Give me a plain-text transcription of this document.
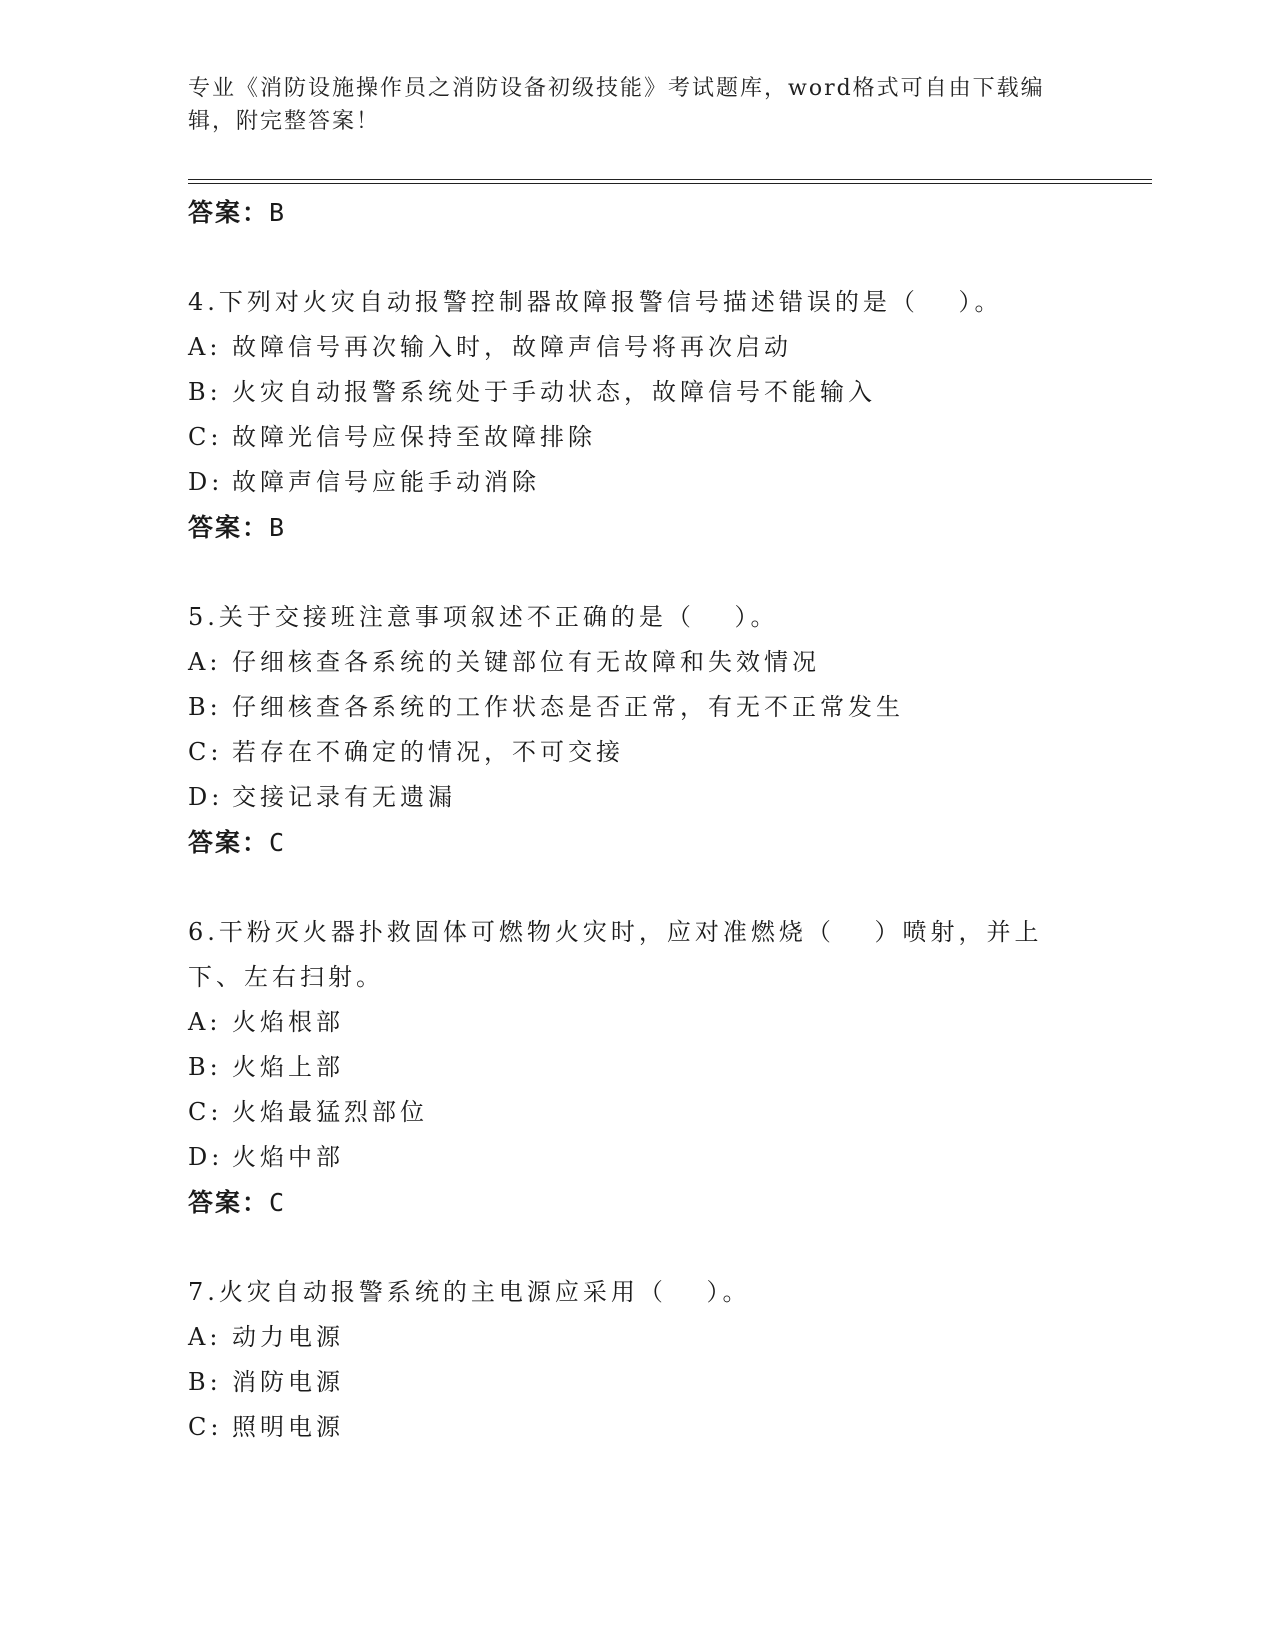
专业《消防设施操作员之消防设备初级技能》考试题库，word格式可自由下载编辑，附完整答案！
答案：B
4.下列对火灾自动报警控制器故障报警信号描述错误的是（　 ）。
A: 故障信号再次输入时，故障声信号将再次启动
B: 火灾自动报警系统处于手动状态，故障信号不能输入
C: 故障光信号应保持至故障排除
D: 故障声信号应能手动消除
答案：B
5.关于交接班注意事项叙述不正确的是（　 ）。
A: 仔细核查各系统的关键部位有无故障和失效情况
B: 仔细核查各系统的工作状态是否正常，有无不正常发生
C: 若存在不确定的情况，不可交接
D: 交接记录有无遗漏
答案：C
6.干粉灭火器扑救固体可燃物火灾时，应对准燃烧（　 ）喷射，并上
下、左右扫射。
A: 火焰根部
B: 火焰上部
C: 火焰最猛烈部位
D: 火焰中部
答案：C
7.火灾自动报警系统的主电源应采用（　 ）。
A: 动力电源
B: 消防电源
C: 照明电源
